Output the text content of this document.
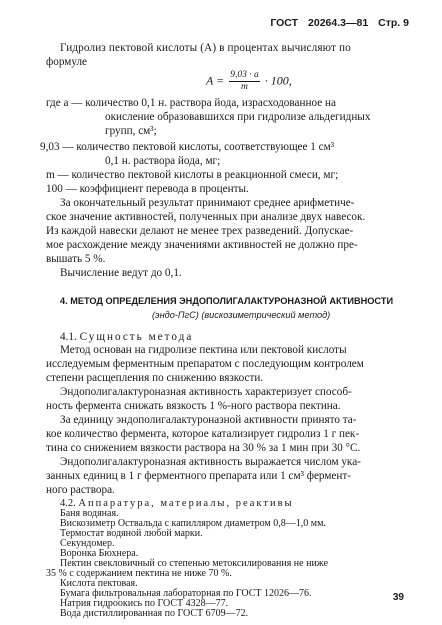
ГОСТ 20264.3—81 Стр. 9
Гидролиз пектовой кислоты (А) в процентах вычисляют по
формуле
$A = \frac{9,03 \cdot a}{m} \cdot 100$,
где a — количество 0,1 н. раствора йода, израсходованное на
окисление образовавшихся при гидролизе альдегидных
групп, см³;
9,03 — количество пектовой кислоты, соответствующее 1 см³
0,1 н. раствора йода, мг;
m — количество пектовой кислоты в реакционной смеси, мг;
100 — коэффициент перевода в проценты.
За окончательный результат принимают среднее арифметиче-
ское значение активностей, полученных при анализе двух навесок.
Из каждой навески делают не менее трех разведений. Допускае-
мое расхождение между значениями активностей не должно пре-
вышать 5 %.
Вычисление ведут до 0,1.
4. МЕТОД ОПРЕДЕЛЕНИЯ ЭНДОПОЛИГАЛАКТУРОНАЗНОЙ АКТИВНОСТИ
(эндо-ПгС) (вискозиметрический метод)
4.1. Сущность метода
Метод основан на гидролизе пектина или пектовой кислоты
исследуемым ферментным препаратом с последующим контролем
степени расщепления по снижению вязкости.
Эндополигалактуроназная активность характеризует способ-
ность фермента снижать вязкость 1 %-ного раствора пектина.
За единицу эндополигалактуроназной активности принято та-
кое количество фермента, которое катализирует гидролиз 1 г пек-
тина со снижением вязкости раствора на 30 % за 1 мин при 30 °С.
Эндополигалактуроназная активность выражается числом ука-
занных единиц в 1 г ферментного препарата или 1 см³ фермент-
ного раствора.
4.2. Аппаратура, материалы, реактивы
39
Баня водяная.
Вискозиметр Оствальда с капилляром диаметром 0,8—1,0 мм.
Термостат водяной любой марки.
Секундомер.
Воронка Бюхнера.
Пектин свекловичный со степенью метоксилирования не ниже
35 % с содержанием пектина не ниже 70 %.
Кислота пектовая.
Бумага фильтровальная лабораторная по ГОСТ 12026—76.
Натрия гидроокись по ГОСТ 4328—77.
Вода дистиллированная по ГОСТ 6709—72.
